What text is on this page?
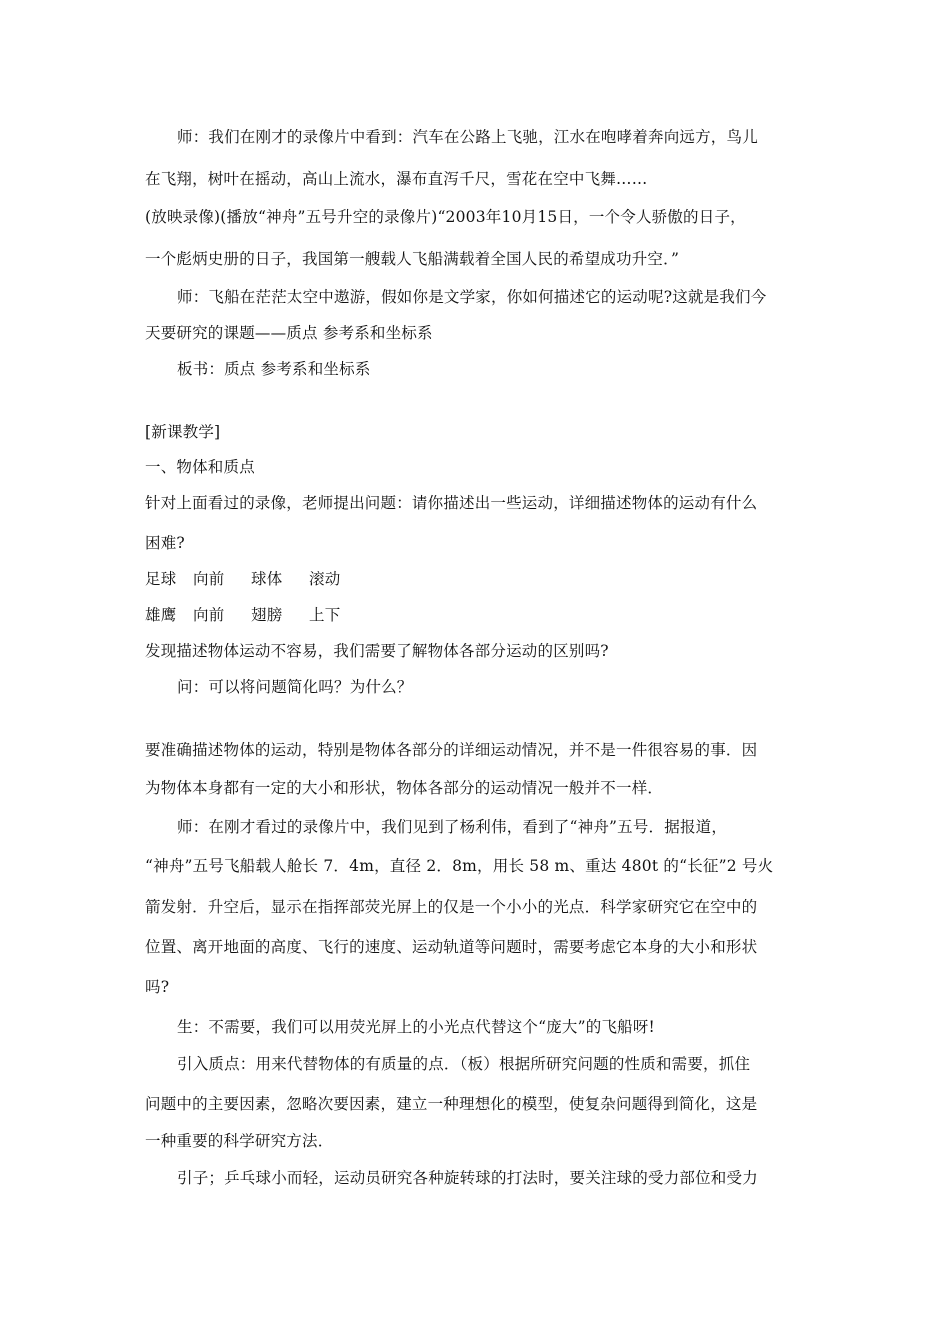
师：我们在刚才的录像片中看到：汽车在公路上飞驰，江水在咆哮着奔向远方，鸟儿
在飞翔，树叶在摇动，高山上流水，瀑布直泻千尺，雪花在空中飞舞……
(放映录像)(播放“神舟”五号升空的录像片)“2003年10月15日，一个令人骄傲的日子，
一个彪炳史册的日子，我国第一艘载人飞船满载着全国人民的希望成功升空．”
师：飞船在茫茫太空中遨游，假如你是文学家，你如何描述它的运动呢?这就是我们今
天要研究的课题——质点 参考系和坐标系
板书：质点 参考系和坐标系
[新课教学]
一、物体和质点
针对上面看过的录像，老师提出问题：请你描述出一些运动，详细描述物体的运动有什么
困难?
足球 向前 球体 滚动
雄鹰 向前 翅膀 上下
发现描述物体运动不容易，我们需要了解物体各部分运动的区别吗?
问：可以将问题简化吗？为什么？
要准确描述物体的运动，特别是物体各部分的详细运动情况，并不是一件很容易的事．因
为物体本身都有一定的大小和形状，物体各部分的运动情况一般并不一样．
师：在刚才看过的录像片中，我们见到了杨利伟，看到了“神舟”五号．据报道，
“神舟”五号飞船载人舱长 7．4m，直径 2．8m，用长 58 m、重达 480t 的“长征”2 号火
箭发射．升空后，显示在指挥部荧光屏上的仅是一个小小的光点．科学家研究它在空中的
位置、离开地面的高度、飞行的速度、运动轨道等问题时，需要考虑它本身的大小和形状
吗?
生：不需要，我们可以用荧光屏上的小光点代替这个“庞大”的飞船呀!
引入质点：用来代替物体的有质量的点．（板）根据所研究问题的性质和需要，抓住
问题中的主要因素，忽略次要因素，建立一种理想化的模型，使复杂问题得到简化，这是
一种重要的科学研究方法．
引子；乒乓球小而轻，运动员研究各种旋转球的打法时，要关注球的受力部位和受力
